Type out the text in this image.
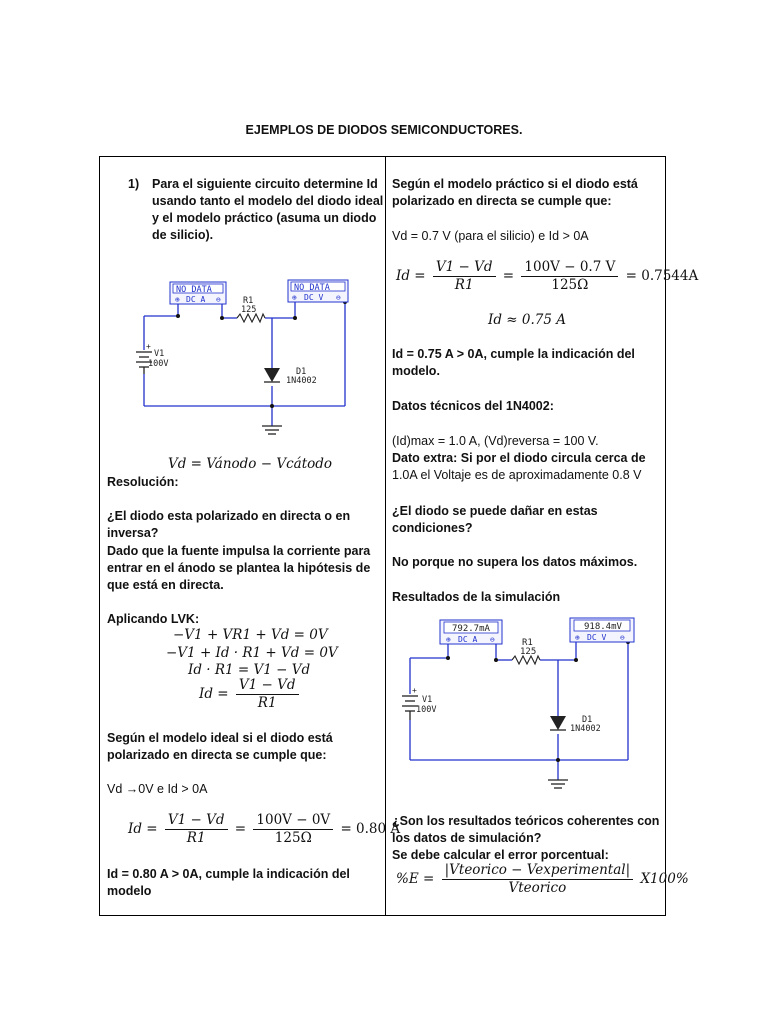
EJEMPLOS DE DIODOS SEMICONDUCTORES.
1) Para el siguiente circuito determine Id
usando tanto el modelo del diodo ideal
y el modelo práctico (asuma un diodo
de silicio).
+
NO DATA
⊕ DC A ⊖
NO DATA
⊕ DC V ⊖
R1
125
V1
100V
D1
1N4002
Vd = Vánodo − Vcátodo
Resolución:
¿El diodo esta polarizado en directa o en
inversa?
Dado que la fuente impulsa la corriente para
entrar en el ánodo se plantea la hipótesis de
que está en directa.
Aplicando LVK:
−V1 + VR1 + Vd = 0V
−V1 + Id · R1 + Vd = 0V
Id · R1 = V1 − Vd
$Id = \frac{V1 - Vd}{R1}$
Según el modelo ideal si el diodo está
polarizado en directa se cumple que:
Vd →0V e Id > 0A
$Id = \frac{V1 - Vd}{R1} = \frac{100V - 0V}{125\Omega} = 0.80$ A
Id = 0.80 A > 0A, cumple la indicación del
modelo
Según el modelo práctico si el diodo está
polarizado en directa se cumple que:
Vd = 0.7 V (para el silicio) e Id > 0A
$Id = \frac{V1 - Vd}{R1} = \frac{100V - 0.7 V}{125\Omega} = 0.7544A$
Id ≈ 0.75 A
Id = 0.75 A > 0A, cumple la indicación del
modelo.
Datos técnicos del 1N4002:
(Id)max = 1.0 A, (Vd)reversa = 100 V.
Dato extra: Si por el diodo circula cerca de
1.0A el Voltaje es de aproximadamente 0.8 V
¿El diodo se puede dañar en estas
condiciones?
No porque no supera los datos máximos.
Resultados de la simulación
+
792.7mA
⊕ DC A ⊖
918.4mV
⊕ DC V ⊖
R1
125
V1
100V
D1
1N4002
¿Son los resultados teóricos coherentes con
los datos de simulación?
Se debe calcular el error porcentual:
$\%E = \frac{\text{|Vteorico − Vexperimental|}}{\text{Vteorico}} X100\%$
